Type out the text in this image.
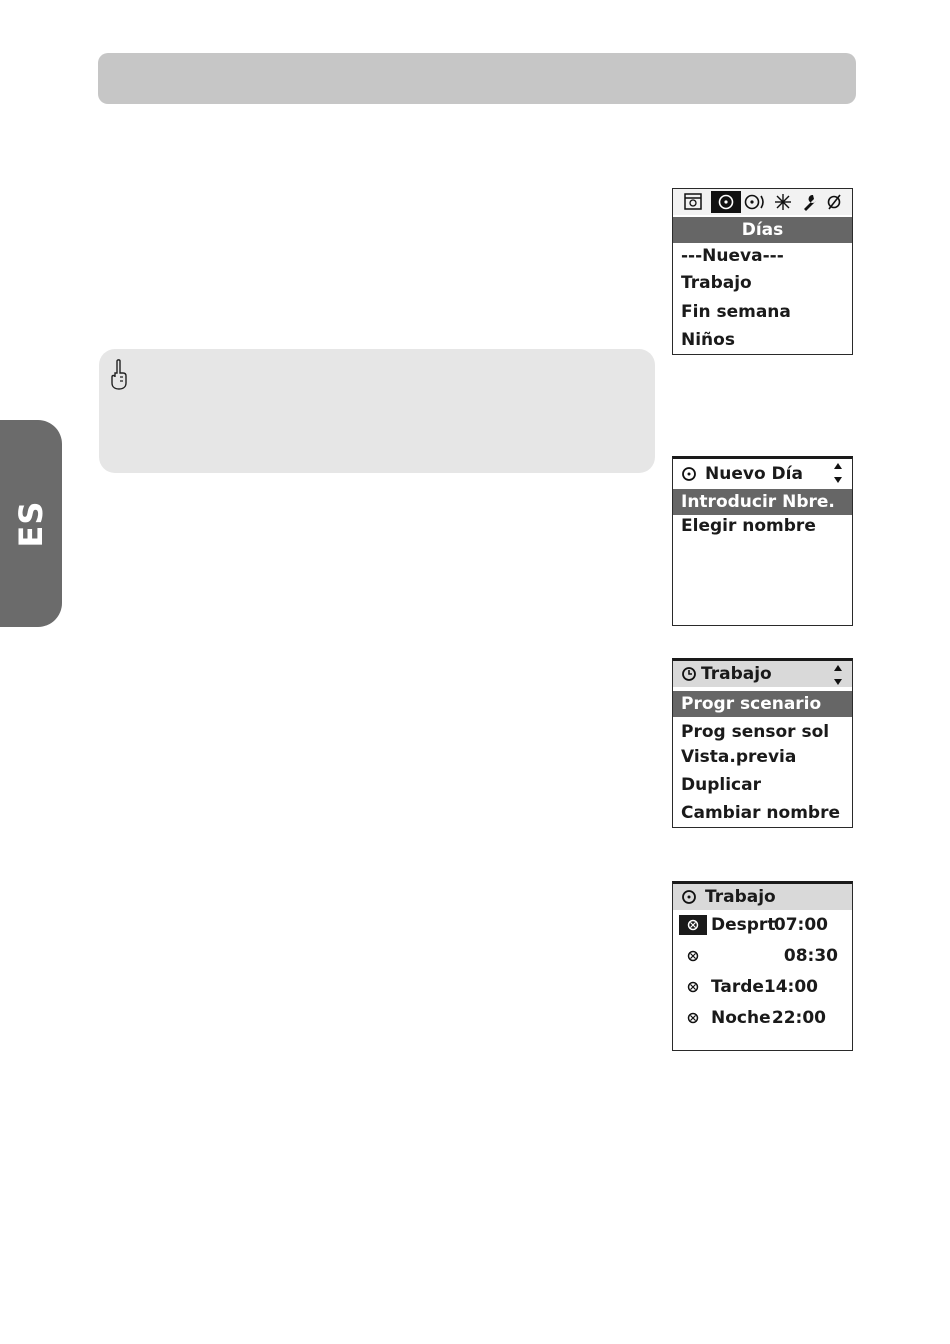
ES
Días
---Nueva---
Trabajo
Fin semana
Niños
Nuevo Día
Introducir Nbre.
Elegir nombre
Trabajo
Progr scenario
Prog sensor sol
Vista.previa
Duplicar
Cambiar nombre
Trabajo
Desprt
07:00
08:30
Tarde 14:00
Noche 22:00
